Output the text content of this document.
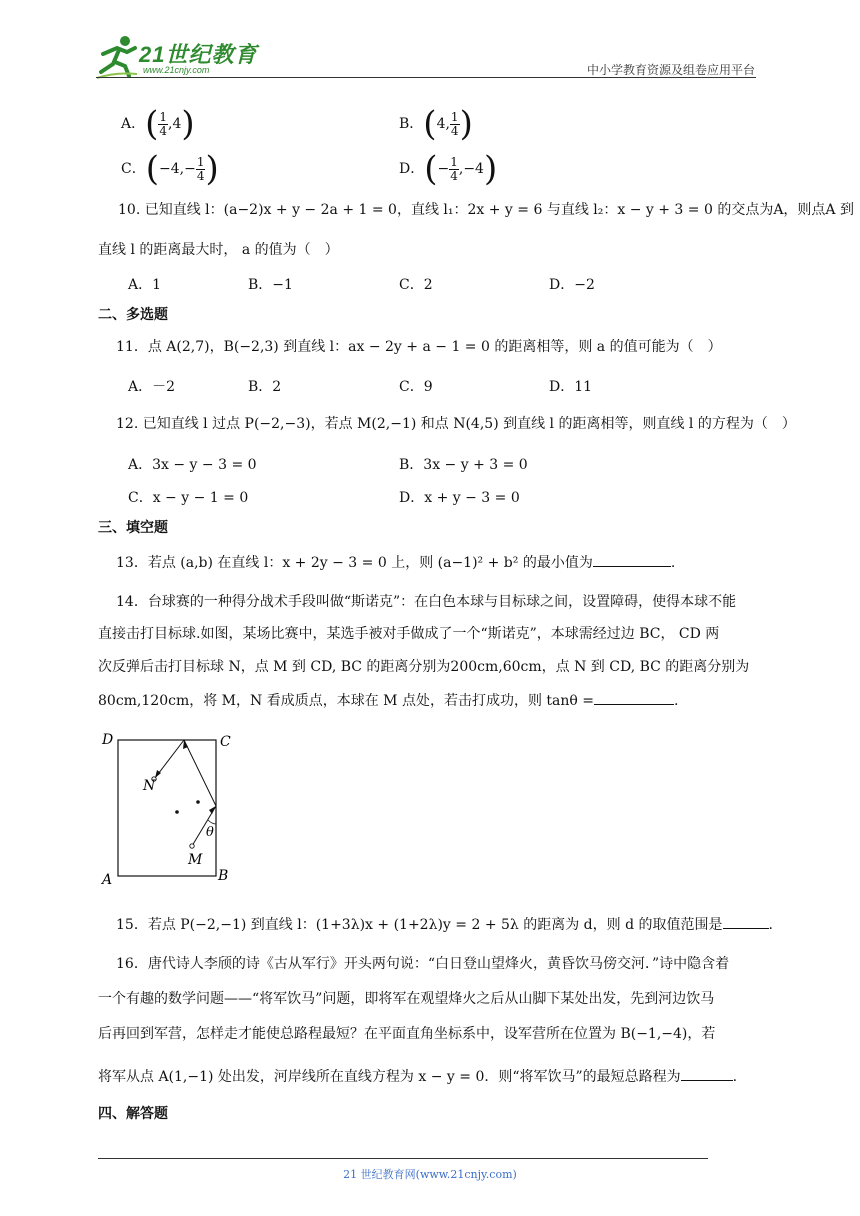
21世纪教育
www.21cnjy.com	中小学教育资源及组卷应用平台
A．( $\frac{1}{4} ,4$)	B．(4, $\frac{1}{4}$ )
C．($-4,- \frac{1}{4}$ )	D．(− $\frac{1}{4} ,-4$)
10. 已知直线 l：(a−2)x + y − 2a + 1 = 0，直线 l₁：2x + y = 6 与直线 l₂：x − y + 3 = 0 的交点为A，则点A 到
直线 l 的距离最大时， a 的值为（　）
A．1	B．−1	C．2	D．−2
二、多选题
11．点 A(2,7)，B(−2,3) 到直线 l：ax − 2y + a − 1 = 0 的距离相等，则 a 的值可能为（　）
A．－2	B．2	C．9	D．11
12. 已知直线 l 过点 P(−2,−3)，若点 M(2,−1) 和点 N(4,5) 到直线 l 的距离相等，则直线 l 的方程为（　）
A．3x − y − 3 = 0	B．3x − y + 3 = 0
C．x − y − 1 = 0	D．x + y − 3 = 0
三、填空题
13．若点 (a,b) 在直线 l：x + 2y − 3 = 0 上，则 (a−1)² + b² 的最小值为	.
14．台球赛的一种得分战术手段叫做“斯诺克”：在白色本球与目标球之间，设置障碍，使得本球不能
直接击打目标球.如图，某场比赛中，某选手被对手做成了一个“斯诺克”，本球需经过边 BC， CD 两
次反弹后击打目标球 N，点 M 到 CD, BC 的距离分别为200cm,60cm，点 N 到 CD, BC 的距离分别为
80cm,120cm，将 M，N 看成质点，本球在 M 点处，若击打成功，则 tanθ =	.
D	C
A	B
N
M
θ
15．若点 P(−2,−1) 到直线 l：(1+3λ)x + (1+2λ)y = 2 + 5λ 的距离为 d，则 d 的取值范围是	.
16．唐代诗人李颀的诗《古从军行》开头两句说：“白日登山望烽火，黄昏饮马傍交河．”诗中隐含着
一个有趣的数学问题——“将军饮马”问题，即将军在观望烽火之后从山脚下某处出发，先到河边饮马
后再回到军营，怎样走才能使总路程最短？在平面直角坐标系中，设军营所在位置为 B(−1,−4)，若
将军从点 A(1,−1) 处出发，河岸线所在直线方程为 x − y = 0．则“将军饮马”的最短总路程为	.
四、解答题
21 世纪教育网(www.21cnjy.com)
